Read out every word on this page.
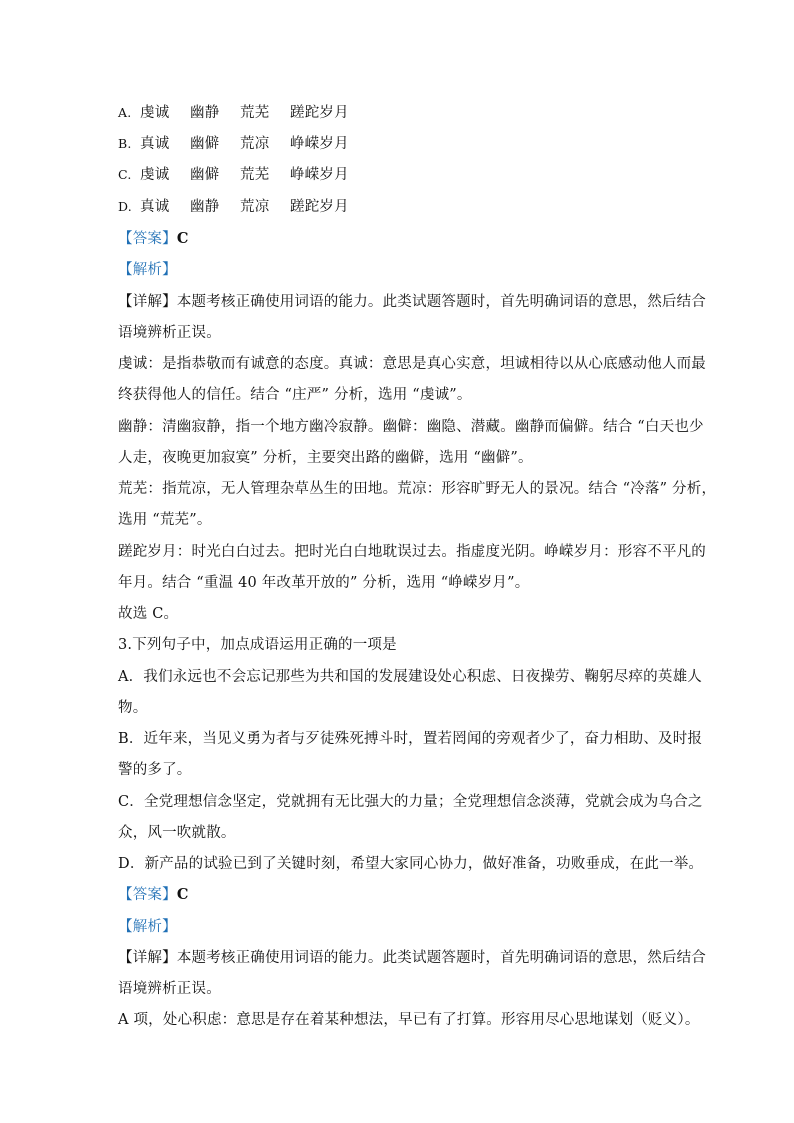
A. 虔诚 幽静 荒芜 蹉跎岁月
B. 真诚 幽僻 荒凉 峥嵘岁月
C. 虔诚 幽僻 荒芜 峥嵘岁月
D. 真诚 幽静 荒凉 蹉跎岁月
【答案】C
【解析】
【详解】本题考核正确使用词语的能力。此类试题答题时，首先明确词语的意思，然后结合
语境辨析正误。
虔诚：是指恭敬而有诚意的态度。真诚：意思是真心实意，坦诚相待以从心底感动他人而最
终获得他人的信任。结合 “庄严” 分析，选用 “虔诚”。
幽静：清幽寂静，指一个地方幽冷寂静。幽僻：幽隐、潜藏。幽静而偏僻。结合 “白天也少
人走，夜晚更加寂寞” 分析，主要突出路的幽僻，选用 “幽僻”。
荒芜：指荒凉，无人管理杂草丛生的田地。荒凉：形容旷野无人的景况。结合 “冷落” 分析，
选用 “荒芜”。
蹉跎岁月：时光白白过去。把时光白白地耽误过去。指虚度光阴。峥嵘岁月：形容不平凡的
年月。结合 “重温 40 年改革开放的” 分析，选用 “峥嵘岁月”。
故选 C。
3.下列句子中，加点成语运用正确的一项是
A．我们永远也不会忘记那些为共和国的发展建设处心积虑、日夜操劳、鞠躬尽瘁的英雄人
物。
B．近年来，当见义勇为者与歹徒殊死搏斗时，置若罔闻的旁观者少了，奋力相助、及时报
警的多了。
C．全党理想信念坚定，党就拥有无比强大的力量；全党理想信念淡薄，党就会成为乌合之
众，风一吹就散。
D．新产品的试验已到了关键时刻，希望大家同心协力，做好准备，功败垂成，在此一举。
【答案】C
【解析】
【详解】本题考核正确使用词语的能力。此类试题答题时，首先明确词语的意思，然后结合
语境辨析正误。
A 项，处心积虑：意思是存在着某种想法，早已有了打算。形容用尽心思地谋划（贬义）。
